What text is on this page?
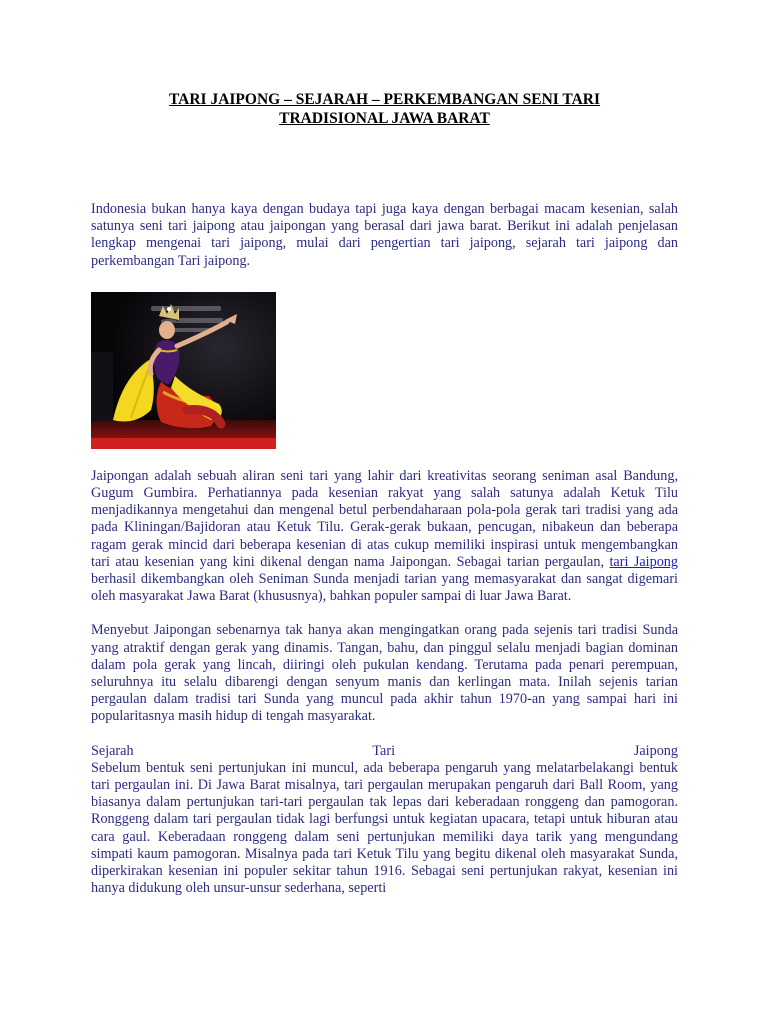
TARI JAIPONG – SEJARAH – PERKEMBANGAN SENI TARI
TRADISIONAL JAWA BARAT

Indonesia bukan hanya kaya dengan budaya tapi juga kaya dengan berbagai macam kesenian, salah satunya seni tari jaipong atau jaipongan yang berasal dari jawa barat. Berikut ini adalah penjelasan lengkap mengenai tari jaipong, mulai dari pengertian tari jaipong, sejarah tari jaipong dan perkembangan Tari jaipong.

Jaipongan adalah sebuah aliran seni tari yang lahir dari kreativitas seorang seniman asal Bandung, Gugum Gumbira. Perhatiannya pada kesenian rakyat yang salah satunya adalah Ketuk Tilu menjadikannya mengetahui dan mengenal betul perbendaharaan pola-pola gerak tari tradisi yang ada pada Kliningan/Bajidoran atau Ketuk Tilu. Gerak-gerak bukaan, pencugan, nibakeun dan beberapa ragam gerak mincid dari beberapa kesenian di atas cukup memiliki inspirasi untuk mengembangkan tari atau kesenian yang kini dikenal dengan nama Jaipongan. Sebagai tarian pergaulan, tari Jaipong berhasil dikembangkan oleh Seniman Sunda menjadi tarian yang memasyarakat dan sangat digemari oleh masyarakat Jawa Barat (khususnya), bahkan populer sampai di luar Jawa Barat.

Menyebut Jaipongan sebenarnya tak hanya akan mengingatkan orang pada sejenis tari tradisi Sunda yang atraktif dengan gerak yang dinamis. Tangan, bahu, dan pinggul selalu menjadi bagian dominan dalam pola gerak yang lincah, diiringi oleh pukulan kendang. Terutama pada penari perempuan, seluruhnya itu selalu dibarengi dengan senyum manis dan kerlingan mata. Inilah sejenis tarian pergaulan dalam tradisi tari Sunda yang muncul pada akhir tahun 1970-an yang sampai hari ini popularitasnya masih hidup di tengah masyarakat.

Sejarah	Tari	Jaipong
Sebelum bentuk seni pertunjukan ini muncul, ada beberapa pengaruh yang melatarbelakangi bentuk tari pergaulan ini. Di Jawa Barat misalnya, tari pergaulan merupakan pengaruh dari Ball Room, yang biasanya dalam pertunjukan tari-tari pergaulan tak lepas dari keberadaan ronggeng dan pamogoran. Ronggeng dalam tari pergaulan tidak lagi berfungsi untuk kegiatan upacara, tetapi untuk hiburan atau cara gaul. Keberadaan ronggeng dalam seni pertunjukan memiliki daya tarik yang mengundang simpati kaum pamogoran. Misalnya pada tari Ketuk Tilu yang begitu dikenal oleh masyarakat Sunda, diperkirakan kesenian ini populer sekitar tahun 1916. Sebagai seni pertunjukan rakyat, kesenian ini hanya didukung oleh unsur-unsur sederhana, seperti
